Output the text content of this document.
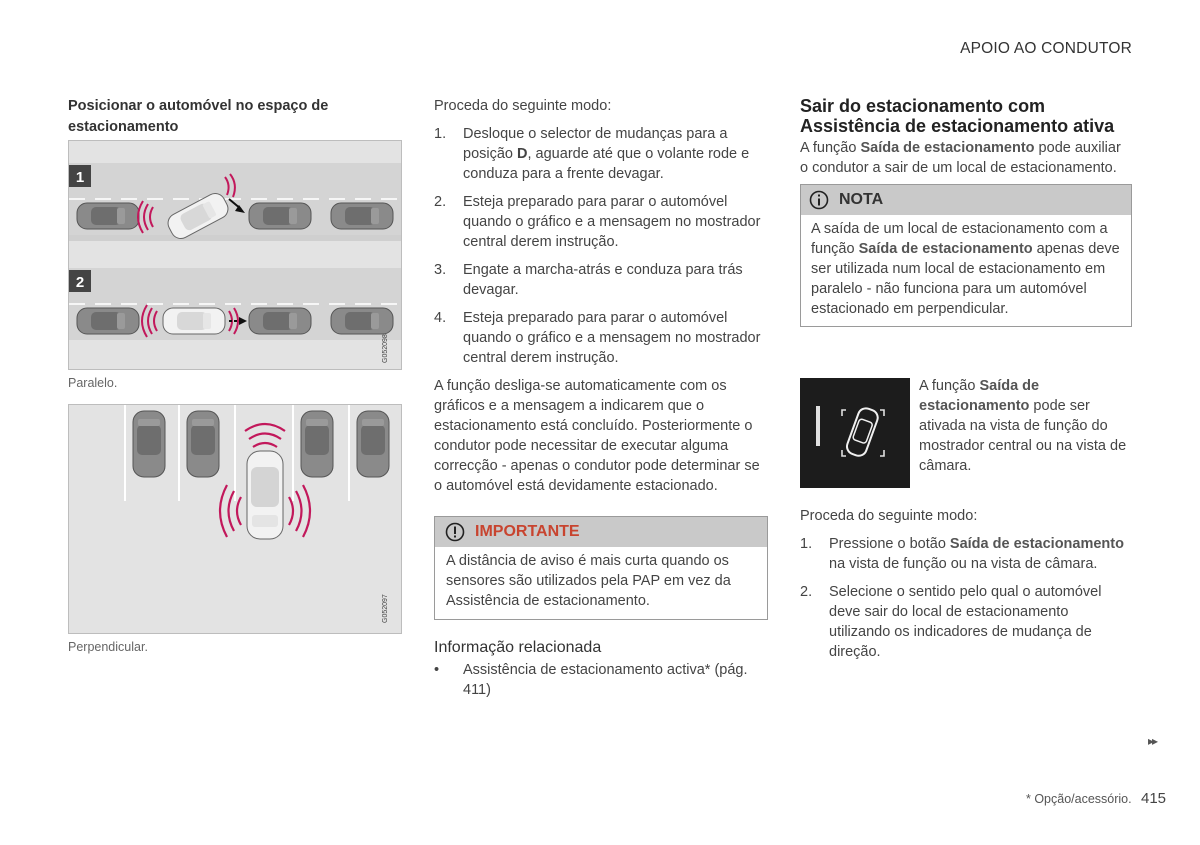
APOIO AO CONDUTOR

Posicionar o automóvel no espaço de estacionamento

1
2
G052098
Paralelo.
G052097
Perpendicular.

Proceda do seguinte modo:

1. Desloque o selector de mudanças para a posição D, aguarde até que o volante rode e conduza para a frente devagar.
2. Esteja preparado para parar o automóvel quando o gráfico e a mensagem no mostrador central derem instrução.
3. Engate a marcha-atrás e conduza para trás devagar.
4. Esteja preparado para parar o automóvel quando o gráfico e a mensagem no mostrador central derem instrução.

A função desliga-se automaticamente com os gráficos e a mensagem a indicarem que o estacionamento está concluído. Posteriormente o condutor pode necessitar de executar alguma correcção - apenas o condutor pode determinar se o automóvel está devidamente estacionado.

IMPORTANTE
A distância de aviso é mais curta quando os sensores são utilizados pela PAP em vez da Assistência de estacionamento.
Informação relacionada
• Assistência de estacionamento activa* (pág. 411)
Sair do estacionamento com Assistência de estacionamento ativa

A função Saída de estacionamento pode auxiliar o condutor a sair de um local de estacionamento.

NOTA
A saída de um local de estacionamento com a função Saída de estacionamento apenas deve ser utilizada num local de estacionamento em paralelo - não funciona para um automóvel estacionado em perpendicular.
A função Saída de estacionamento pode ser ativada na vista de função do mostrador central ou na vista de câmara.

Proceda do seguinte modo:

1. Pressione o botão Saída de estacionamento na vista de função ou na vista de câmara.
2. Selecione o sentido pelo qual o automóvel deve sair do local de estacionamento utilizando os indicadores de mudança de direção.
▸▸
* Opção/acessório. 415
